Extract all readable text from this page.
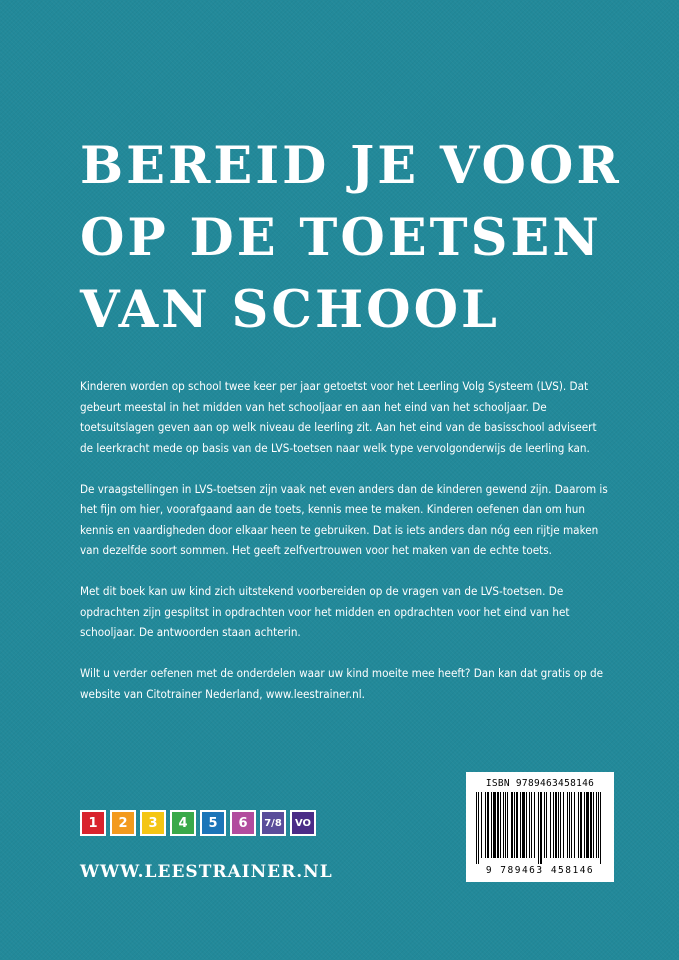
BEREID JE VOOR
OP DE TOETSEN
VAN SCHOOL

Kinderen worden op school twee keer per jaar getoetst voor het Leerling Volg Systeem (LVS). Dat gebeurt meestal in het midden van het schooljaar en aan het eind van het schooljaar. De toetsuitslagen geven aan op welk niveau de leerling zit. Aan het eind van de basisschool adviseert de leerkracht mede op basis van de LVS-toetsen naar welk type vervolgonderwijs de leerling kan.

De vraagstellingen in LVS-toetsen zijn vaak net even anders dan de kinderen gewend zijn. Daarom is het fijn om hier, voorafgaand aan de toets, kennis mee te maken. Kinderen oefenen dan om hun kennis en vaardigheden door elkaar heen te gebruiken. Dat is iets anders dan nóg een rijtje maken van dezelfde soort sommen. Het geeft zelfvertrouwen voor het maken van de echte toets.

Met dit boek kan uw kind zich uitstekend voorbereiden op de vragen van de LVS-toetsen. De opdrachten zijn gesplitst in opdrachten voor het midden en opdrachten voor het eind van het schooljaar. De antwoorden staan achterin.

Wilt u verder oefenen met de onderdelen waar uw kind moeite mee heeft? Dan kan dat gratis op de website van Citotrainer Nederland, www.leestrainer.nl.

1	2	3	4	5	6	7/8	VO
WWW.LEESTRAINER.NL
ISBN 9789463458146
9 789463 458146
